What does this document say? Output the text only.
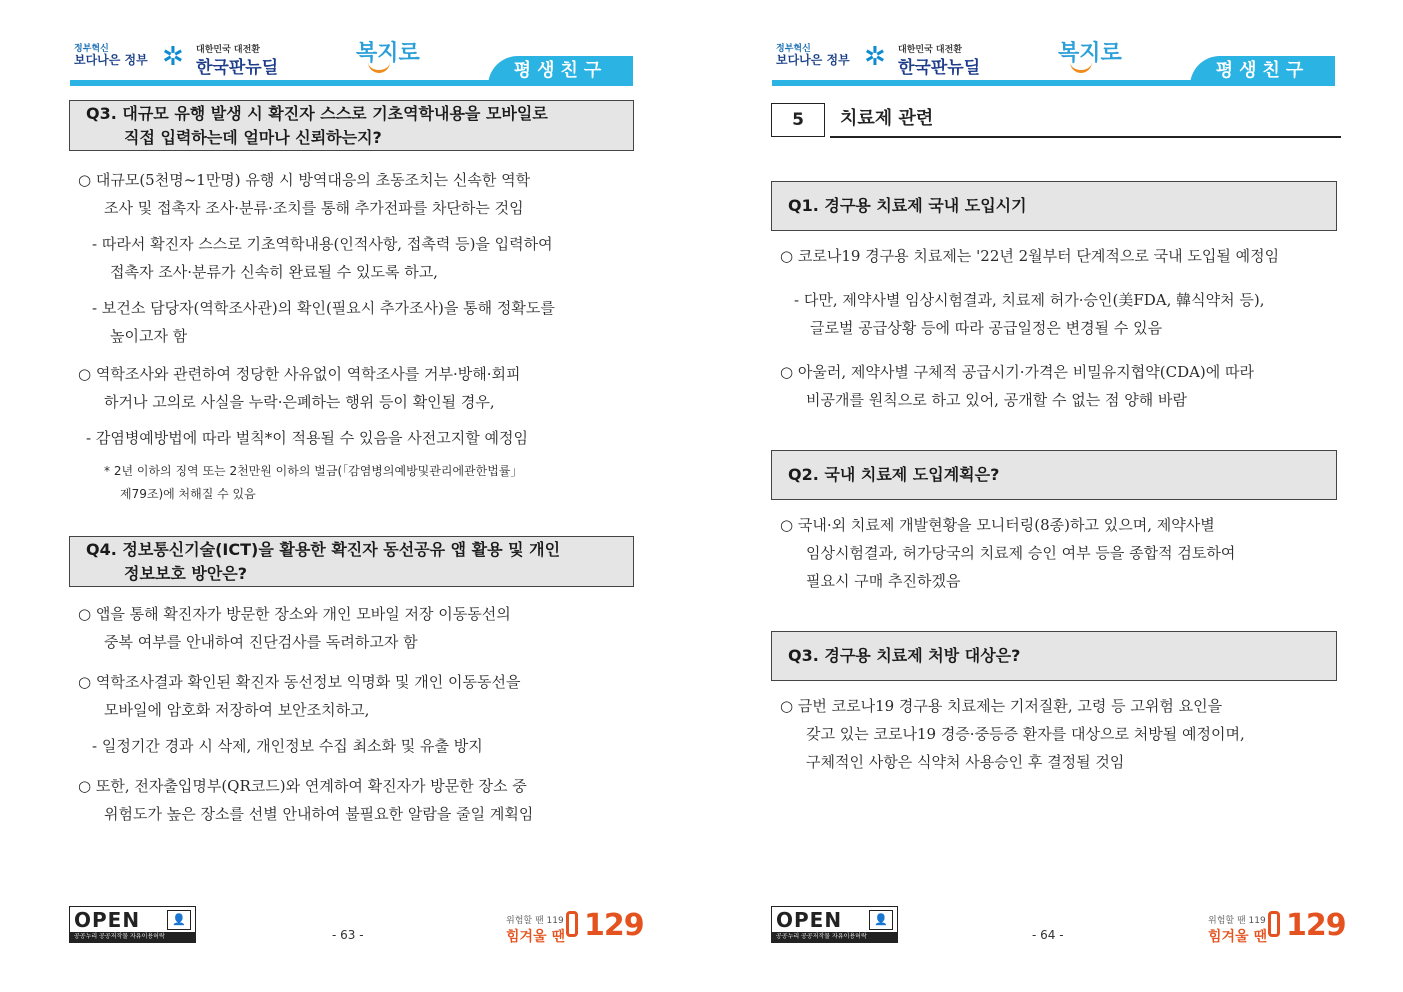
정부혁신
보다나은 정부 ✲ 대한민국 대전환
한국판뉴딜
복지로
평생친구
Q3. 대규모 유행 발생 시 확진자 스스로 기초역학내용을 모바일로
직접 입력하는데 얼마나 신뢰하는지?
○ 대규모(5천명~1만명) 유행 시 방역대응의 초동조치는 신속한 역학
조사 및 접촉자 조사·분류·조치를 통해 추가전파를 차단하는 것임
- 따라서 확진자 스스로 기초역학내용(인적사항, 접촉력 등)을 입력하여
접촉자 조사·분류가 신속히 완료될 수 있도록 하고,
- 보건소 담당자(역학조사관)의 확인(필요시 추가조사)을 통해 정확도를
높이고자 함
○ 역학조사와 관련하여 정당한 사유없이 역학조사를 거부·방해·회피
하거나 고의로 사실을 누락·은폐하는 행위 등이 확인될 경우,
- 감염병예방법에 따라 벌칙*이 적용될 수 있음을 사전고지할 예정임
* 2년 이하의 징역 또는 2천만원 이하의 벌금(「감염병의예방및관리에관한법률」
제79조)에 처해질 수 있음
Q4. 정보통신기술(ICT)을 활용한 확진자 동선공유 앱 활용 및 개인
정보보호 방안은?
○ 앱을 통해 확진자가 방문한 장소와 개인 모바일 저장 이동동선의
중복 여부를 안내하여 진단검사를 독려하고자 함
○ 역학조사결과 확인된 확진자 동선정보 익명화 및 개인 이동동선을
모바일에 암호화 저장하여 보안조치하고,
- 일정기간 경과 시 삭제, 개인정보 수집 최소화 및 유출 방지
○ 또한, 전자출입명부(QR코드)와 연계하여 확진자가 방문한 장소 중
위험도가 높은 장소를 선별 안내하여 불필요한 알람을 줄일 계획임
OPEN	👤
공공누리 공공저작물 자유이용허락	- 63 -
위험할 땐 119
힘겨울 땐 129
정부혁신
보다나은 정부 ✲ 대한민국 대전환
한국판뉴딜
복지로
평생친구
5	치료제 관련
Q1. 경구용 치료제 국내 도입시기
○ 코로나19 경구용 치료제는 '22년 2월부터 단계적으로 국내 도입될 예정임
- 다만, 제약사별 임상시험결과, 치료제 허가·승인(美FDA, 韓식약처 등),
글로벌 공급상황 등에 따라 공급일정은 변경될 수 있음
○ 아울러, 제약사별 구체적 공급시기·가격은 비밀유지협약(CDA)에 따라
비공개를 원칙으로 하고 있어, 공개할 수 없는 점 양해 바람
Q2. 국내 치료제 도입계획은?
○ 국내·외 치료제 개발현황을 모니터링(8종)하고 있으며, 제약사별
임상시험결과, 허가당국의 치료제 승인 여부 등을 종합적 검토하여
필요시 구매 추진하겠음
Q3. 경구용 치료제 처방 대상은?
○ 금번 코로나19 경구용 치료제는 기저질환, 고령 등 고위험 요인을
갖고 있는 코로나19 경증·중등증 환자를 대상으로 처방될 예정이며,
구체적인 사항은 식약처 사용승인 후 결정될 것임
OPEN	👤
공공누리 공공저작물 자유이용허락	- 64 -
위험할 땐 119
힘겨울 땐 129
